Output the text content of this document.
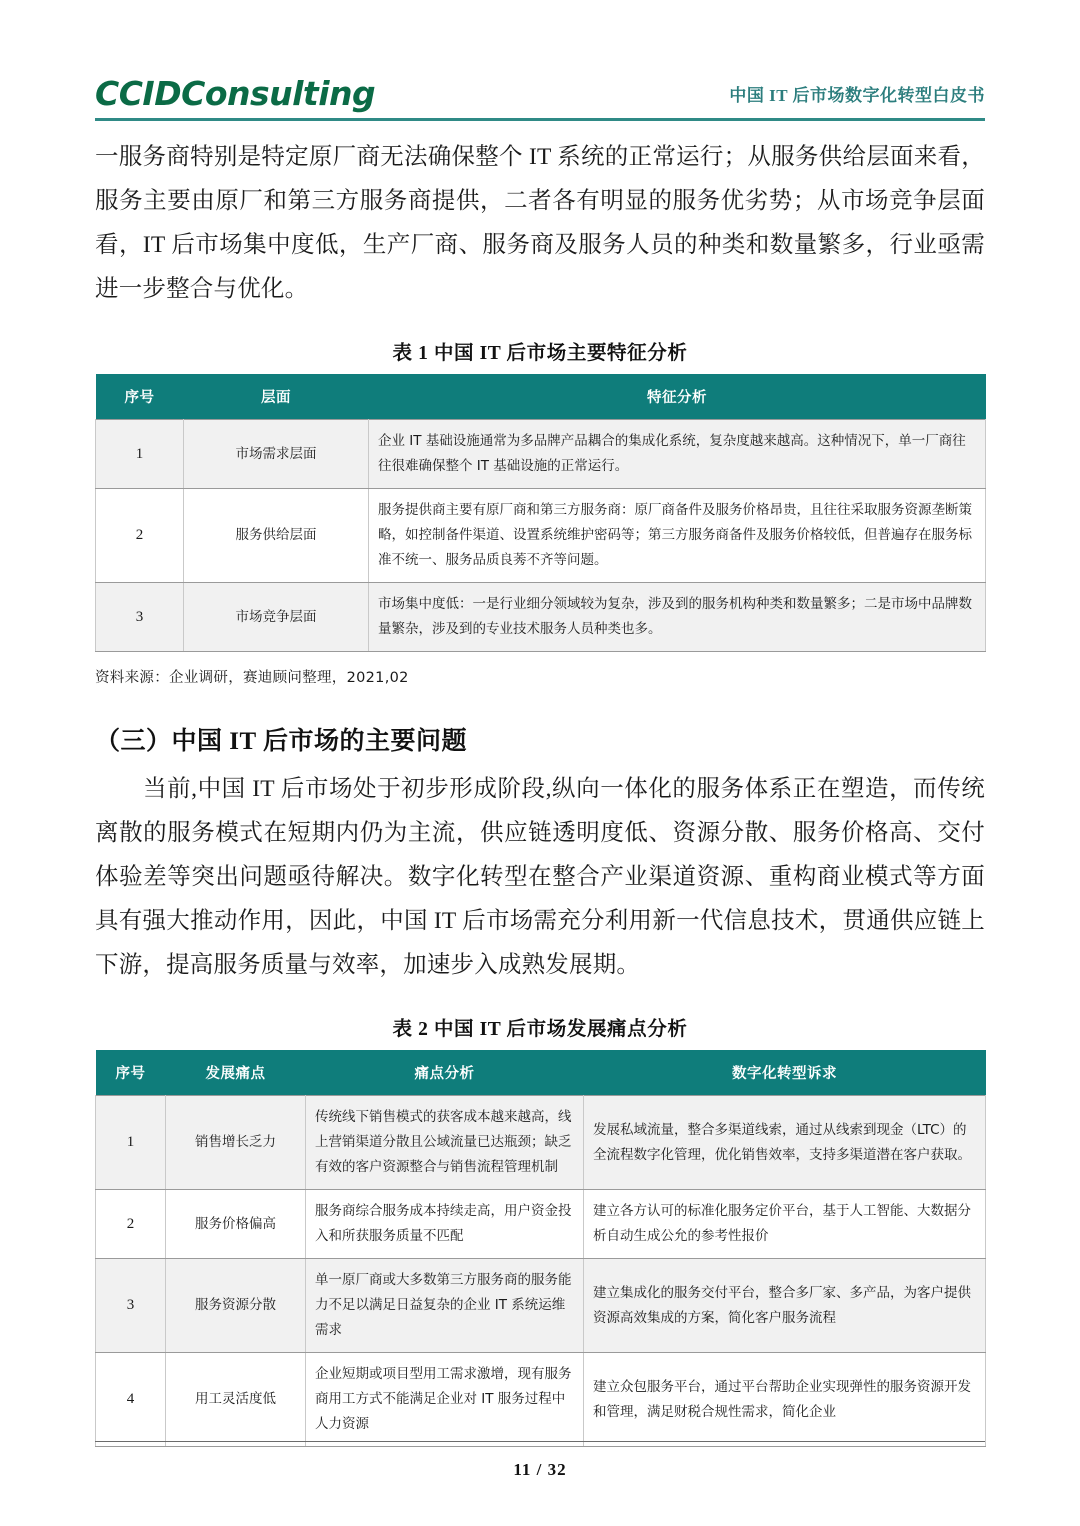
CCIDConsulting	中国 IT 后市场数字化转型白皮书

一服务商特别是特定原厂商无法确保整个 IT 系统的正常运行；从服务供给层面来看，服务主要由原厂和第三方服务商提供，二者各有明显的服务优劣势；从市场竞争层面看，IT 后市场集中度低，生产厂商、服务商及服务人员的种类和数量繁多，行业亟需进一步整合与优化。

表 1 中国 IT 后市场主要特征分析
序号	层面	特征分析
1	市场需求层面	企业 IT 基础设施通常为多品牌产品耦合的集成化系统，复杂度越来越高。这种情况下，单一厂商往往很难确保整个 IT 基础设施的正常运行。
2	服务供给层面	服务提供商主要有原厂商和第三方服务商：原厂商备件及服务价格昂贵，且往往采取服务资源垄断策略，如控制备件渠道、设置系统维护密码等；第三方服务商备件及服务价格较低，但普遍存在服务标准不统一、服务品质良莠不齐等问题。
3	市场竞争层面	市场集中度低：一是行业细分领域较为复杂，涉及到的服务机构种类和数量繁多；二是市场中品牌数量繁杂，涉及到的专业技术服务人员种类也多。
资料来源：企业调研，赛迪顾问整理，2021,02
（三）中国 IT 后市场的主要问题

当前,中国 IT 后市场处于初步形成阶段,纵向一体化的服务体系正在塑造，而传统离散的服务模式在短期内仍为主流，供应链透明度低、资源分散、服务价格高、交付体验差等突出问题亟待解决。数字化转型在整合产业渠道资源、重构商业模式等方面具有强大推动作用，因此，中国 IT 后市场需充分利用新一代信息技术，贯通供应链上下游，提高服务质量与效率，加速步入成熟发展期。

表 2 中国 IT 后市场发展痛点分析
序号	发展痛点	痛点分析	数字化转型诉求
1	销售增长乏力	传统线下销售模式的获客成本越来越高，线上营销渠道分散且公域流量已达瓶颈；缺乏有效的客户资源整合与销售流程管理机制	发展私域流量，整合多渠道线索，通过从线索到现金（LTC）的全流程数字化管理，优化销售效率，支持多渠道潜在客户获取。
2	服务价格偏高	服务商综合服务成本持续走高，用户资金投入和所获服务质量不匹配	建立各方认可的标准化服务定价平台，基于人工智能、大数据分析自动生成公允的参考性报价
3	服务资源分散	单一原厂商或大多数第三方服务商的服务能力不足以满足日益复杂的企业 IT 系统运维需求	建立集成化的服务交付平台，整合多厂家、多产品，为客户提供资源高效集成的方案，简化客户服务流程
4	用工灵活度低	企业短期或项目型用工需求激增，现有服务商用工方式不能满足企业对 IT 服务过程中人力资源	建立众包服务平台，通过平台帮助企业实现弹性的服务资源开发和管理，满足财税合规性需求，简化企业
11 / 32
